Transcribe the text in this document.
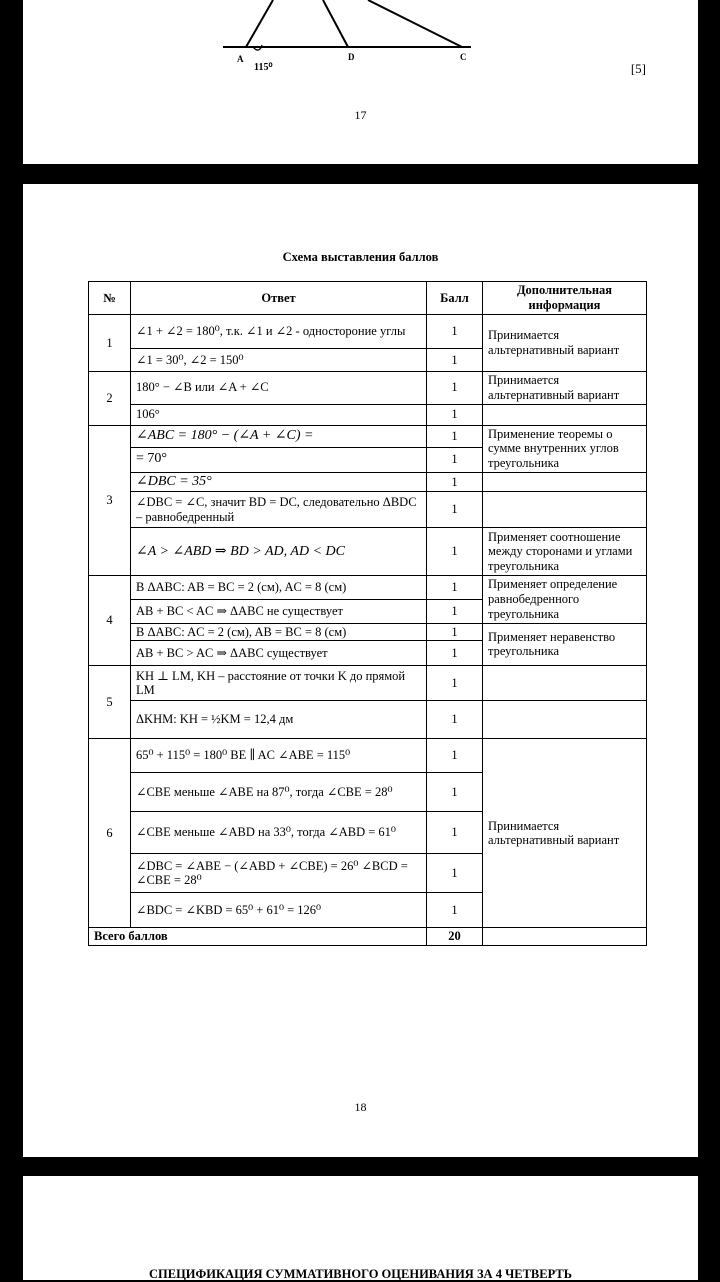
A	D	C
115⁰	[5]
17
Схема выставления баллов
№	Ответ	Балл	Дополнительная информация
1	∠1 + ∠2 = 180⁰, т.к. ∠1 и ∠2 - одностороние углы	1	Принимается альтернативный вариант
	∠1 = 30⁰, ∠2 = 150⁰	1	
2	180° − ∠B или ∠A + ∠C	1	Принимается альтернативный вариант
	106°	1	
3	∠ABC = 180° − (∠A + ∠C) =	1	Применение теоремы о сумме внутренних углов треугольника
	= 70°	1	
	∠DBC = 35°	1	
	∠DBC = ∠C, значит BD = DC, следовательно ΔBDC – равнобедренный	1	
	∠A > ∠ABD ⇒ BD > AD, AD < DC	1	Применяет соотношение между сторонами и углами треугольника
4	В ΔABC: AB = BC = 2 (см), AC = 8 (см)	1	Применяет определение равнобедренного треугольника
	AB + BC < AC ⇒ ΔABC не существует	1	
	В ΔABC: AC = 2 (см), AB = BC = 8 (см)	1	Применяет неравенство треугольника
	AB + BC > AC ⇒ ΔABC существует	1	
5	KH ⊥ LM, KH – расстояние от точки K до прямой LM	1	
	ΔKHM: KH = ½KM = 12,4 дм	1	
6	65⁰ + 115⁰ = 180⁰ BE ∥ AC ∠ABE = 115⁰	1	Принимается альтернативный вариант
	∠CBE меньше ∠ABE на 87⁰, тогда ∠CBE = 28⁰	1	
	∠CBE меньше ∠ABD на 33⁰, тогда ∠ABD = 61⁰	1	
	∠DBC = ∠ABE − (∠ABD + ∠CBE) = 26⁰ ∠BCD = ∠CBE = 28⁰	1	
	∠BDC = ∠KBD = 65⁰ + 61⁰ = 126⁰	1	
Всего баллов		20	
18
СПЕЦИФИКАЦИЯ СУММАТИВНОГО ОЦЕНИВАНИЯ ЗА 4 ЧЕТВЕРТЬ
